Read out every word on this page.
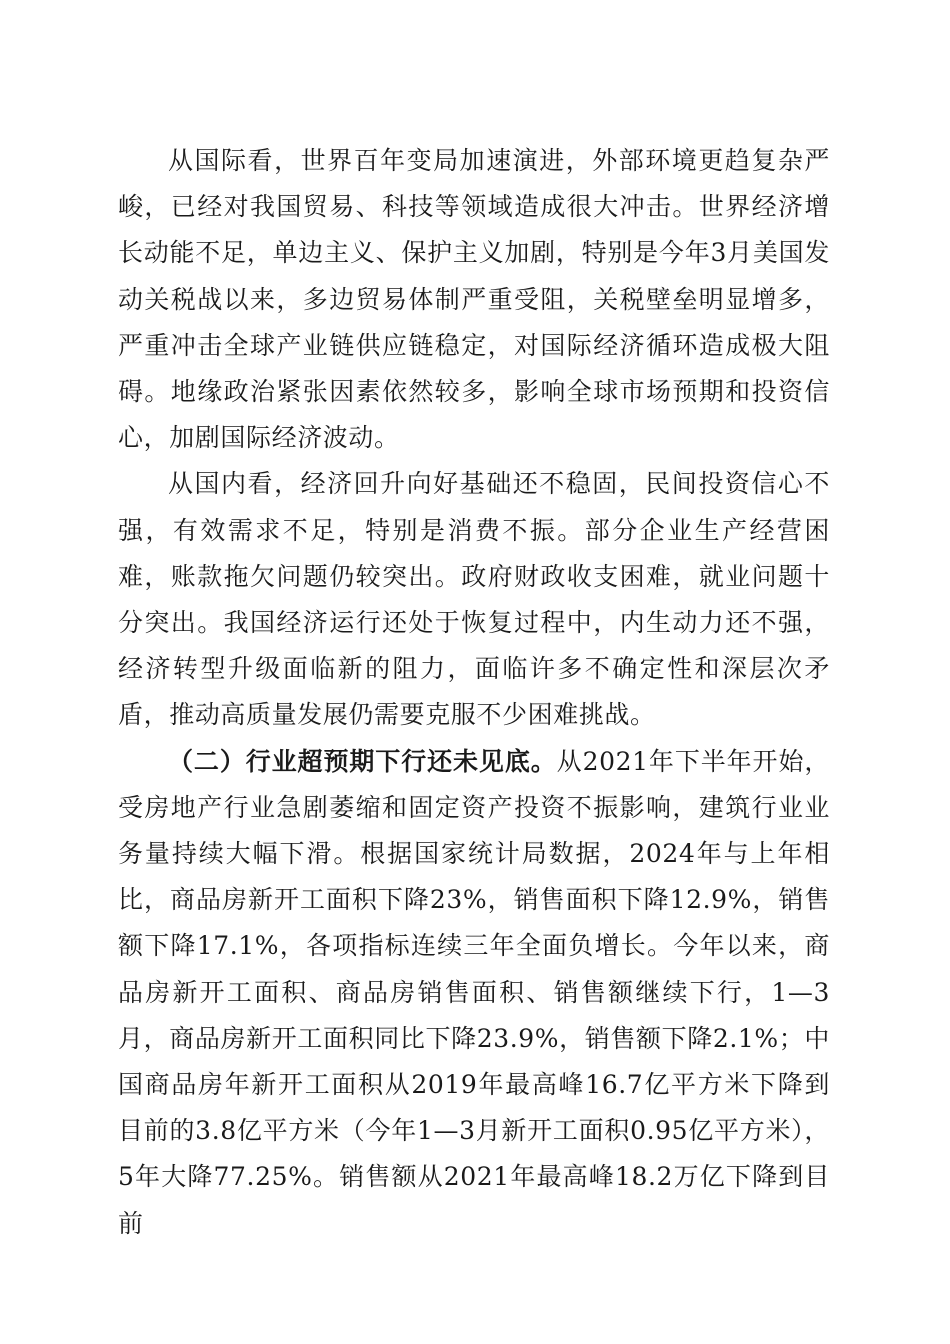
从国际看，世界百年变局加速演进，外部环境更趋复杂严峻，已经对我国贸易、科技等领域造成很大冲击。世界经济增长动能不足，单边主义、保护主义加剧，特别是今年3月美国发动关税战以来，多边贸易体制严重受阻，关税壁垒明显增多，严重冲击全球产业链供应链稳定，对国际经济循环造成极大阻碍。地缘政治紧张因素依然较多，影响全球市场预期和投资信心，加剧国际经济波动。

从国内看，经济回升向好基础还不稳固，民间投资信心不强，有效需求不足，特别是消费不振。部分企业生产经营困难，账款拖欠问题仍较突出。政府财政收支困难，就业问题十分突出。我国经济运行还处于恢复过程中，内生动力还不强，经济转型升级面临新的阻力，面临许多不确定性和深层次矛盾，推动高质量发展仍需要克服不少困难挑战。

（二）行业超预期下行还未见底。从2021年下半年开始，受房地产行业急剧萎缩和固定资产投资不振影响，建筑行业业务量持续大幅下滑。根据国家统计局数据，2024年与上年相比，商品房新开工面积下降23%，销售面积下降12.9%，销售额下降17.1%，各项指标连续三年全面负增长。今年以来，商品房新开工面积、商品房销售面积、销售额继续下行，1—3月，商品房新开工面积同比下降23.9%，销售额下降2.1%；中国商品房年新开工面积从2019年最高峰16.7亿平方米下降到目前的3.8亿平方米（今年1—3月新开工面积0.95亿平方米），5年大降77.25%。销售额从2021年最高峰18.2万亿下降到目前
